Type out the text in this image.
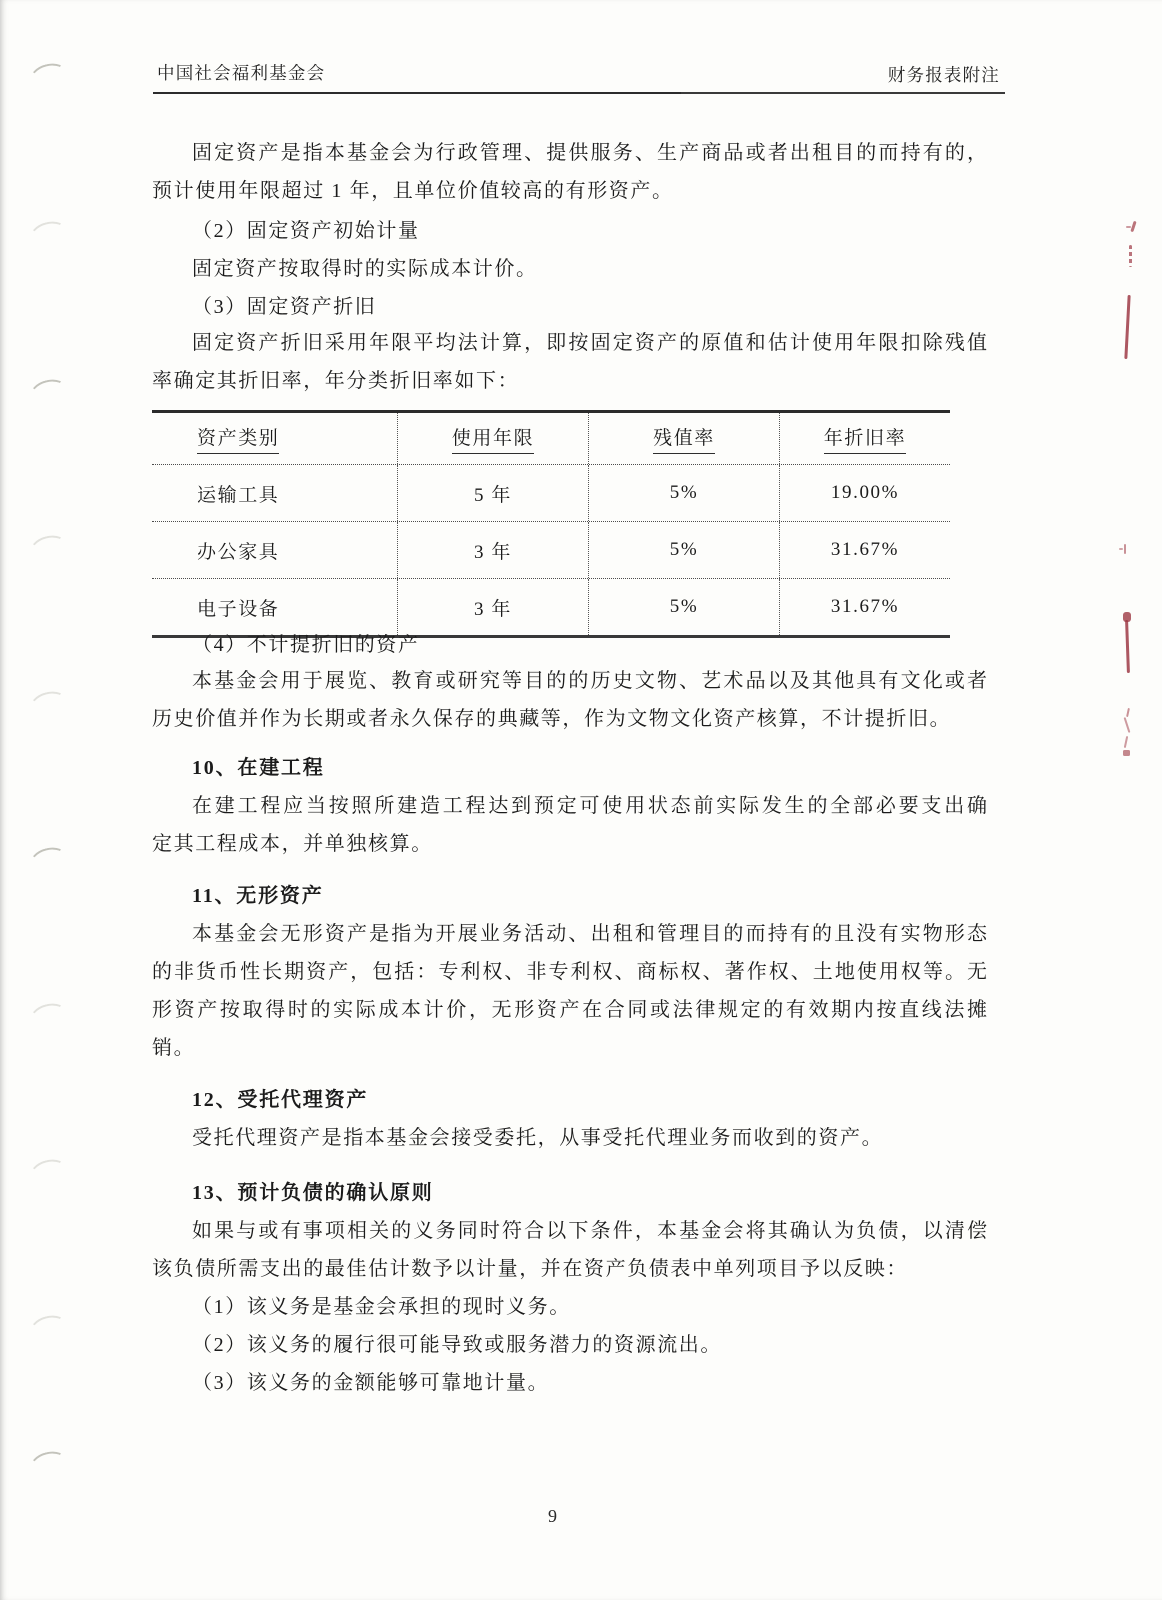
中国社会福利基金会	财务报表附注
固定资产是指本基金会为行政管理、提供服务、生产商品或者出租目的而持有的，
预计使用年限超过 1 年，且单位价值较高的有形资产。
（2）固定资产初始计量
固定资产按取得时的实际成本计价。
（3）固定资产折旧
固定资产折旧采用年限平均法计算，即按固定资产的原值和估计使用年限扣除残值
率确定其折旧率，年分类折旧率如下：
资产类别	使用年限	残值率	年折旧率
运输工具	5 年	5%	19.00%
办公家具	3 年	5%	31.67%
电子设备	3 年	5%	31.67%
（4）不计提折旧的资产
本基金会用于展览、教育或研究等目的的历史文物、艺术品以及其他具有文化或者
历史价值并作为长期或者永久保存的典藏等，作为文物文化资产核算，不计提折旧。
10、在建工程
在建工程应当按照所建造工程达到预定可使用状态前实际发生的全部必要支出确
定其工程成本，并单独核算。
11、无形资产
本基金会无形资产是指为开展业务活动、出租和管理目的而持有的且没有实物形态
的非货币性长期资产，包括：专利权、非专利权、商标权、著作权、土地使用权等。无
形资产按取得时的实际成本计价，无形资产在合同或法律规定的有效期内按直线法摊
销。
12、受托代理资产
受托代理资产是指本基金会接受委托，从事受托代理业务而收到的资产。
13、预计负债的确认原则
如果与或有事项相关的义务同时符合以下条件，本基金会将其确认为负债，以清偿
该负债所需支出的最佳估计数予以计量，并在资产负债表中单列项目予以反映：
（1）该义务是基金会承担的现时义务。
（2）该义务的履行很可能导致或服务潜力的资源流出。
（3）该义务的金额能够可靠地计量。
9
